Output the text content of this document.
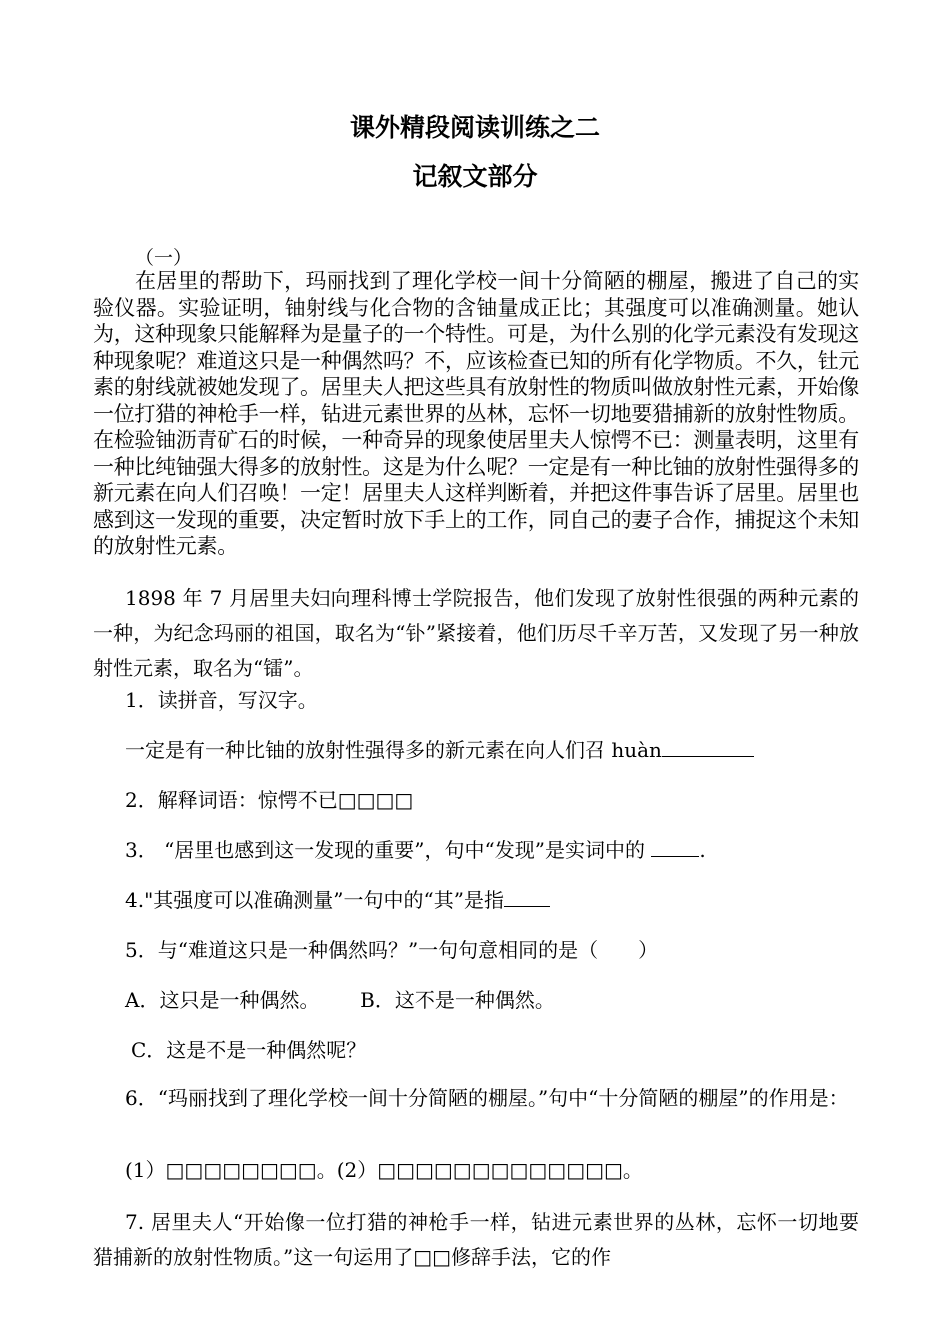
课外精段阅读训练之二
记叙文部分
（一）

在居里的帮助下，玛丽找到了理化学校一间十分简陋的棚屋，搬进了自己的实验仪器。实验证明，铀射线与化合物的含铀量成正比；其强度可以准确测量。她认为，这种现象只能解释为是量子的一个特性。可是，为什么别的化学元素没有发现这种现象呢？难道这只是一种偶然吗？不，应该检查已知的所有化学物质。不久，钍元素的射线就被她发现了。居里夫人把这些具有放射性的物质叫做放射性元素，开始像一位打猎的神枪手一样，钻进元素世界的丛林，忘怀一切地要猎捕新的放射性物质。在检验铀沥青矿石的时候，一种奇异的现象使居里夫人惊愕不已：测量表明，这里有一种比纯铀强大得多的放射性。这是为什么呢？一定是有一种比铀的放射性强得多的新元素在向人们召唤！一定！居里夫人这样判断着，并把这件事告诉了居里。居里也感到这一发现的重要，决定暂时放下手上的工作，同自己的妻子合作，捕捉这个未知的放射性元素。

1898 年 7 月居里夫妇向理科博士学院报告，他们发现了放射性很强的两种元素的一种，为纪念玛丽的祖国，取名为“钋”紧接着，他们历尽千辛万苦，又发现了另一种放射性元素，取名为“镭”。

1．读拼音，写汉字。

一定是有一种比铀的放射性强得多的新元素在向人们召 huàn

2．解释词语：惊愕不已□□□□

3． “居里也感到这一发现的重要”，句中“发现”是实词中的	.

4."其强度可以准确测量”一句中的“其”是指

5．与“难道这只是一种偶然吗？”一句句意相同的是（　　）

A．这只是一种偶然。 B．这不是一种偶然。

C．这是不是一种偶然呢？

6．“玛丽找到了理化学校一间十分简陋的棚屋。”句中“十分简陋的棚屋”的作用是：

(1）□□□□□□□□。(2）□□□□□□□□□□□□□。

7. 居里夫人“开始像一位打猎的神枪手一样，钻进元素世界的丛林，忘怀一切地要猎捕新的放射性物质。”这一句运用了□□修辞手法，它的作
